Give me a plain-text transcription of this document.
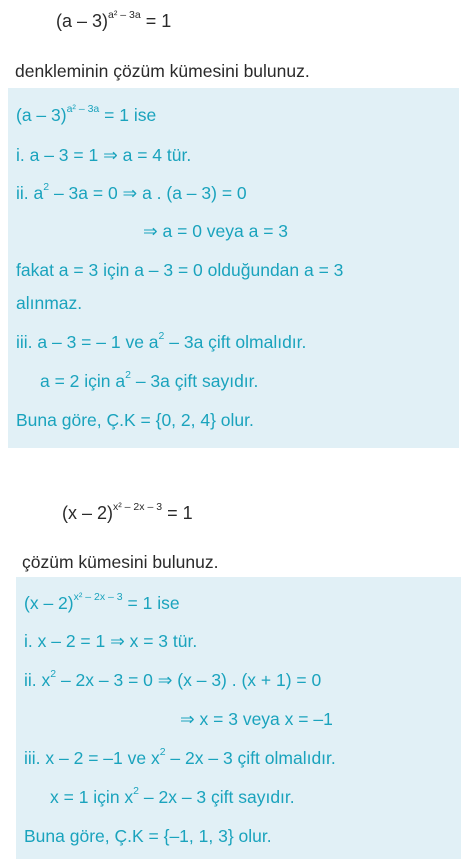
(a – 3)$^{a^2 - 3a}$ = 1
denkleminin çözüm kümesini bulunuz.
(a – 3)$^{a^2 - 3a}$ = 1 ise
i. a – 3 = 1 ⇒ a = 4 tür.
ii. $a^2 - 3a = 0$ ⇒ a . (a – 3) = 0
⇒ a = 0 veya a = 3
fakat a = 3 için a – 3 = 0 olduğundan a = 3
alınmaz.
iii. a – 3 = – 1 ve $a^2 - 3a$ çift olmalıdır.
a = 2 için $a^2 - 3a$ çift sayıdır.
Buna göre, Ç.K = {0, 2, 4} olur.
(x – 2)$^{x^2 - 2x - 3}$ = 1
çözüm kümesini bulunuz.
(x – 2)$^{x^2 - 2x - 3}$ = 1 ise
i. x – 2 = 1 ⇒ x = 3 tür.
ii. $x^2 - 2x - 3 = 0$ ⇒ (x – 3) . (x + 1) = 0
⇒ x = 3 veya x = –1
iii. x – 2 = –1 ve $x^2 - 2x - 3$ çift olmalıdır.
x = 1 için $x^2 - 2x - 3$ çift sayıdır.
Buna göre, Ç.K = {–1, 1, 3} olur.
